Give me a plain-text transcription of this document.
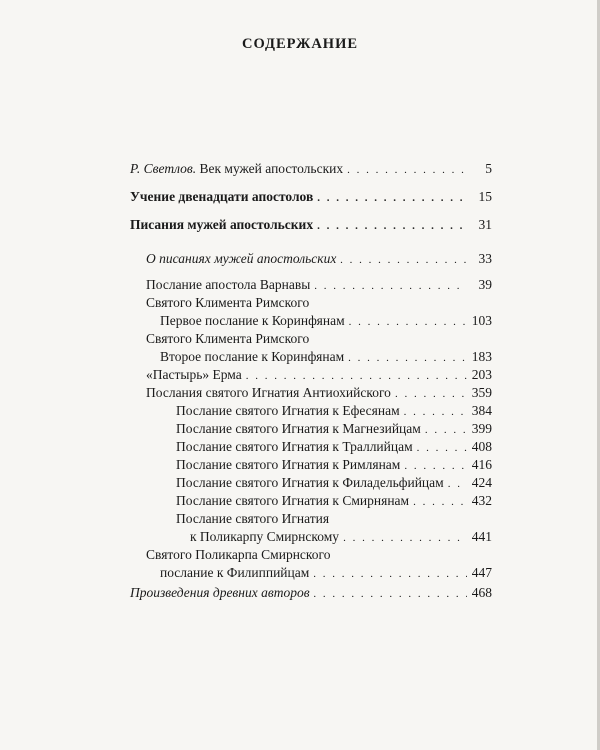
СОДЕРЖАНИЕ
Р. Светлов. Век мужей апостольских . . .	5
Учение двенадцати апостолов . . .	15
Писания мужей апостольских . . .	31
О писаниях мужей апостольских . . .	33
Послание апостола Варнавы . . .	39
Святого Климента Римского
Первое послание к Коринфянам . . .	103
Святого Климента Римского
Второе послание к Коринфянам . . .	183
«Пастырь» Ерма . . .	203
Послания святого Игнатия Антиохийского . . .	359
Послание святого Игнатия к Ефесянам . . .	384
Послание святого Игнатия к Магнезийцам . . .	399
Послание святого Игнатия к Траллийцам . . .	408
Послание святого Игнатия к Римлянам . . .	416
Послание святого Игнатия к Филадельфийцам . . . 424
Послание святого Игнатия к Смирнянам . . .	432
Послание святого Игнатия
к Поликарпу Смирнскому . . .	441
Святого Поликарпа Смирнского
послание к Филиппийцам . . .	447
Произведения древних авторов . . .	468
